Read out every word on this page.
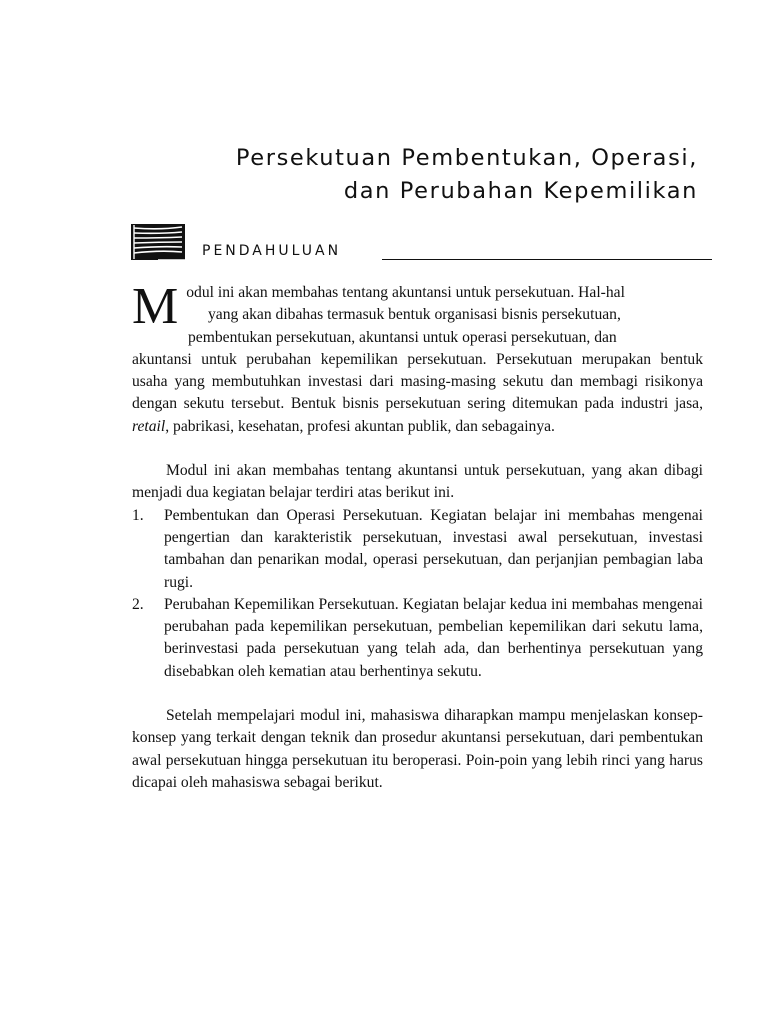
Persekutuan Pembentukan, Operasi,
dan Perubahan Kepemilikan
PENDAHULUAN
M odul ini akan membahas tentang akuntansi untuk persekutuan. Hal-hal

yang akan dibahas termasuk bentuk organisasi bisnis persekutuan,

pembentukan persekutuan, akuntansi untuk operasi persekutuan, dan

akuntansi untuk perubahan kepemilikan persekutuan. Persekutuan merupakan bentuk usaha yang membutuhkan investasi dari masing-masing sekutu dan membagi risikonya dengan sekutu tersebut. Bentuk bisnis persekutuan sering ditemukan pada industri jasa, retail, pabrikasi, kesehatan, profesi akuntan publik, dan sebagainya.

Modul ini akan membahas tentang akuntansi untuk persekutuan, yang akan dibagi menjadi dua kegiatan belajar terdiri atas berikut ini.

1. Pembentukan dan Operasi Persekutuan. Kegiatan belajar ini membahas mengenai pengertian dan karakteristik persekutuan, investasi awal persekutuan, investasi tambahan dan penarikan modal, operasi persekutuan, dan perjanjian pembagian laba rugi.
2. Perubahan Kepemilikan Persekutuan. Kegiatan belajar kedua ini membahas mengenai perubahan pada kepemilikan persekutuan, pembelian kepemilikan dari sekutu lama, berinvestasi pada persekutuan yang telah ada, dan berhentinya persekutuan yang disebabkan oleh kematian atau berhentinya sekutu.

Setelah mempelajari modul ini, mahasiswa diharapkan mampu menjelaskan konsep-konsep yang terkait dengan teknik dan prosedur akuntansi persekutuan, dari pembentukan awal persekutuan hingga persekutuan itu beroperasi. Poin-poin yang lebih rinci yang harus dicapai oleh mahasiswa sebagai berikut.
